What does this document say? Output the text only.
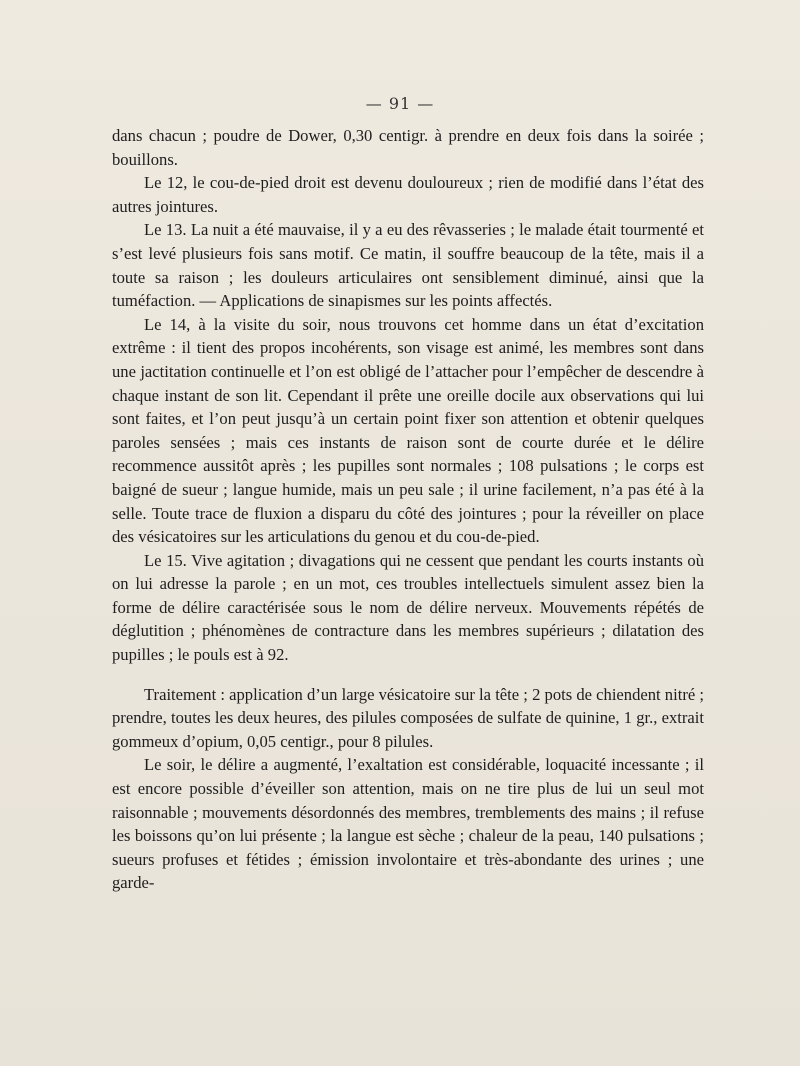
— 91 —

dans chacun ; poudre de Dower, 0,30 centigr. à prendre en deux fois dans la soirée ; bouillons.

Le 12, le cou-de-pied droit est devenu douloureux ; rien de modifié dans l’état des autres jointures.

Le 13. La nuit a été mauvaise, il y a eu des rêvasseries ; le malade était tourmenté et s’est levé plusieurs fois sans motif. Ce matin, il souffre beaucoup de la tête, mais il a toute sa raison ; les douleurs articulaires ont sensiblement diminué, ainsi que la tuméfaction. — Applications de sinapismes sur les points affectés.

Le 14, à la visite du soir, nous trouvons cet homme dans un état d’excitation extrême : il tient des propos incohérents, son visage est animé, les membres sont dans une jactitation continuelle et l’on est obligé de l’attacher pour l’empêcher de descendre à chaque instant de son lit. Cependant il prête une oreille docile aux observations qui lui sont faites, et l’on peut jusqu’à un certain point fixer son attention et obtenir quelques paroles sensées ; mais ces instants de raison sont de courte durée et le délire recommence aussitôt après ; les pupilles sont normales ; 108 pulsations ; le corps est baigné de sueur ; langue humide, mais un peu sale ; il urine facilement, n’a pas été à la selle. Toute trace de fluxion a disparu du côté des jointures ; pour la réveiller on place des vésicatoires sur les articulations du genou et du cou-de-pied.

Le 15. Vive agitation ; divagations qui ne cessent que pendant les courts instants où on lui adresse la parole ; en un mot, ces troubles intellectuels simulent assez bien la forme de délire caractérisée sous le nom de délire nerveux. Mouvements répétés de déglutition ; phénomènes de contracture dans les membres supérieurs ; dilatation des pupilles ; le pouls est à 92.

Traitement : application d’un large vésicatoire sur la tête ; 2 pots de chiendent nitré ; prendre, toutes les deux heures, des pilules composées de sulfate de quinine, 1 gr., extrait gommeux d’opium, 0,05 centigr., pour 8 pilules.

Le soir, le délire a augmenté, l’exaltation est considérable, loquacité incessante ; il est encore possible d’éveiller son attention, mais on ne tire plus de lui un seul mot raisonnable ; mouvements désordonnés des membres, tremblements des mains ; il refuse les boissons qu’on lui présente ; la langue est sèche ; chaleur de la peau, 140 pulsations ; sueurs profuses et fétides ; émission involontaire et très-abondante des urines ; une garde-
